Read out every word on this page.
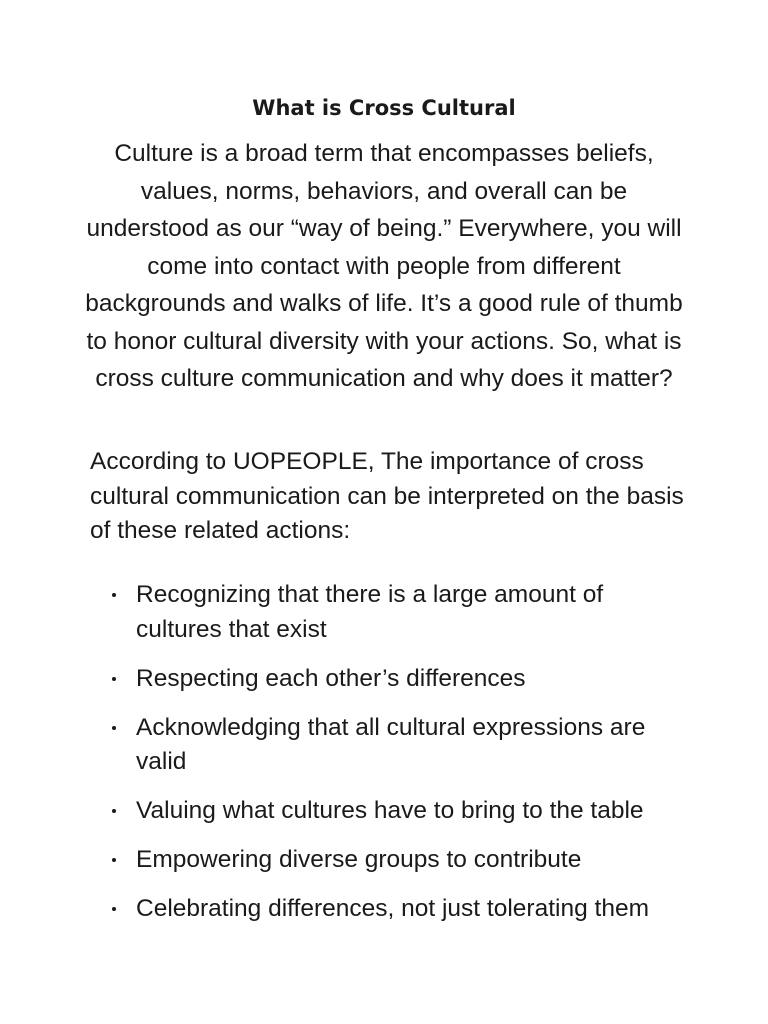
What is Cross Cultural

Culture is a broad term that encompasses beliefs, values, norms, behaviors, and overall can be understood as our “way of being.” Everywhere, you will come into contact with people from different backgrounds and walks of life. It’s a good rule of thumb to honor cultural diversity with your actions. So, what is cross culture communication and why does it matter?

According to UOPEOPLE, The importance of cross cultural communication can be interpreted on the basis of these related actions:

Recognizing that there is a large amount of cultures that exist
Respecting each other’s differences
Acknowledging that all cultural expressions are valid
Valuing what cultures have to bring to the table
Empowering diverse groups to contribute
Celebrating differences, not just tolerating them
